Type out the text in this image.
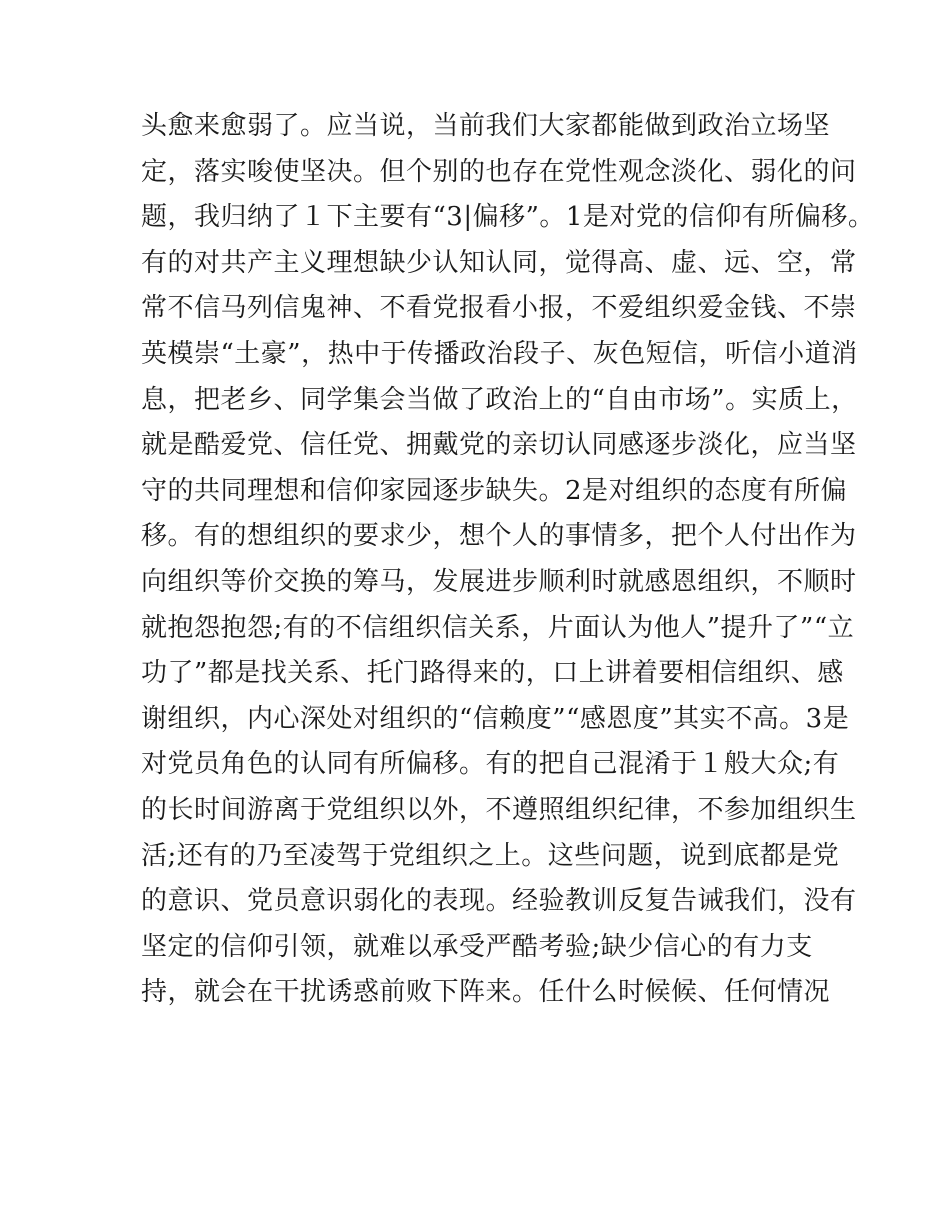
头愈来愈弱了。应当说，当前我们大家都能做到政治立场坚
定，落实唆使坚决。但个别的也存在党性观念淡化、弱化的问
题，我归纳了１下主要有“3|偏移”。1是对党的信仰有所偏移。
有的对共产主义理想缺少认知认同，觉得高、虚、远、空，常
常不信马列信鬼神、不看党报看小报，不爱组织爱金钱、不崇
英模崇“土豪”，热中于传播政治段子、灰色短信，听信小道消
息，把老乡、同学集会当做了政治上的“自由市场”。实质上，
就是酷爱党、信任党、拥戴党的亲切认同感逐步淡化，应当坚
守的共同理想和信仰家园逐步缺失。2是对组织的态度有所偏
移。有的想组织的要求少，想个人的事情多，把个人付出作为
向组织等价交换的筹马，发展进步顺利时就感恩组织，不顺时
就抱怨抱怨;有的不信组织信关系，片面认为他人”提升了”“立
功了”都是找关系、托门路得来的，口上讲着要相信组织、感
谢组织，内心深处对组织的“信赖度”“感恩度”其实不高。3是
对党员角色的认同有所偏移。有的把自己混淆于１般大众;有
的长时间游离于党组织以外，不遵照组织纪律，不参加组织生
活;还有的乃至凌驾于党组织之上。这些问题，说到底都是党
的意识、党员意识弱化的表现。经验教训反复告诫我们，没有
坚定的信仰引领，就难以承受严酷考验;缺少信心的有力支
持，就会在干扰诱惑前败下阵来。任什么时候候、任何情况
